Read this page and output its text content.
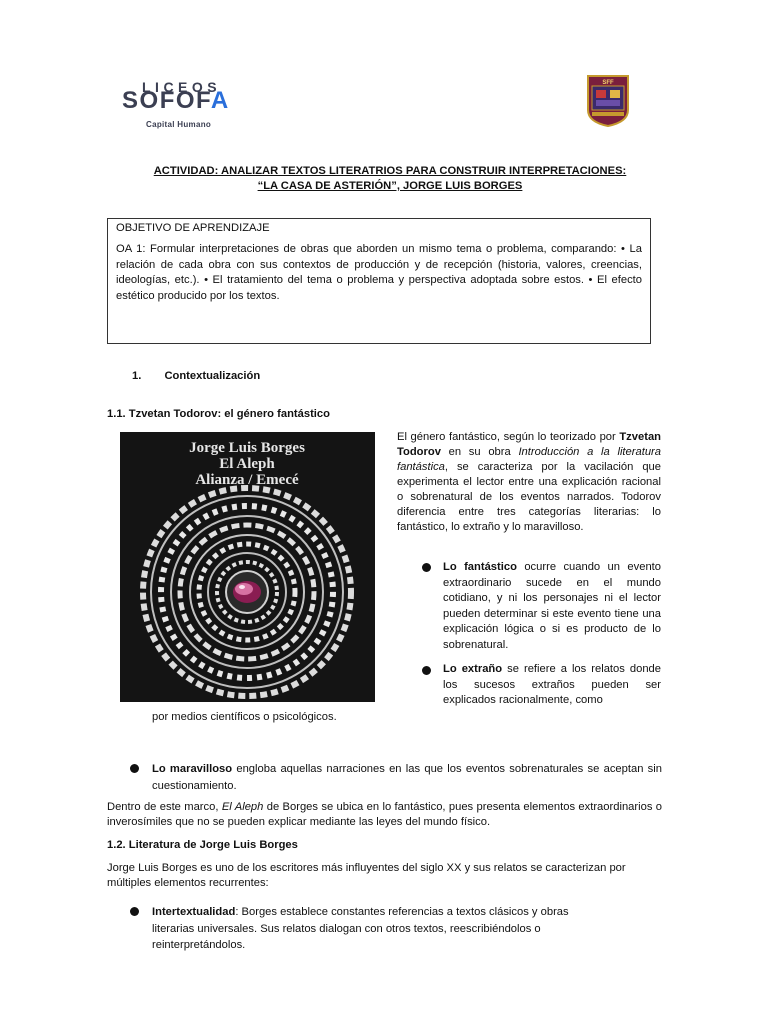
LICEOS
SOFOFA
Capital Humano
SFF
ACTIVIDAD: ANALIZAR TEXTOS LITERATRIOS PARA CONSTRUIR INTERPRETACIONES:
“LA CASA DE ASTERIÓN”, JORGE LUIS BORGES
OBJETIVO DE APRENDIZAJE
OA 1: Formular interpretaciones de obras que aborden un mismo tema o problema, comparando: • La relación de cada obra con sus contextos de producción y de recepción (historia, valores, creencias, ideologías, etc.). • El tratamiento del tema o problema y perspectiva adoptada sobre estos. • El efecto estético producido por los textos.
1. Contextualización
1.1. Tzvetan Todorov: el género fantástico
Jorge Luis Borges
El Aleph
Alianza / Emecé
El género fantástico, según lo teorizado por Tzvetan Todorov en su obra Introducción a la literatura fantástica, se caracteriza por la vacilación que experimenta el lector entre una explicación racional o sobrenatural de los eventos narrados. Todorov diferencia entre tres categorías literarias: lo fantástico, lo extraño y lo maravilloso.
Lo fantástico ocurre cuando un evento extraordinario sucede en el mundo cotidiano, y ni los personajes ni el lector pueden determinar si este evento tiene una explicación lógica o si es producto de lo sobrenatural.
Lo extraño se refiere a los relatos donde los sucesos extraños pueden ser explicados racionalmente, como
por medios científicos o psicológicos.
Lo maravilloso engloba aquellas narraciones en las que los eventos sobrenaturales se aceptan sin cuestionamiento.
Dentro de este marco, El Aleph de Borges se ubica en lo fantástico, pues presenta elementos extraordinarios o inverosímiles que no se pueden explicar mediante las leyes del mundo físico.
1.2. Literatura de Jorge Luis Borges
Jorge Luis Borges es uno de los escritores más influyentes del siglo XX y sus relatos se caracterizan por múltiples elementos recurrentes:
Intertextualidad: Borges establece constantes referencias a textos clásicos y obras literarias universales. Sus relatos dialogan con otros textos, reescribiéndolos o reinterpretándolos.
